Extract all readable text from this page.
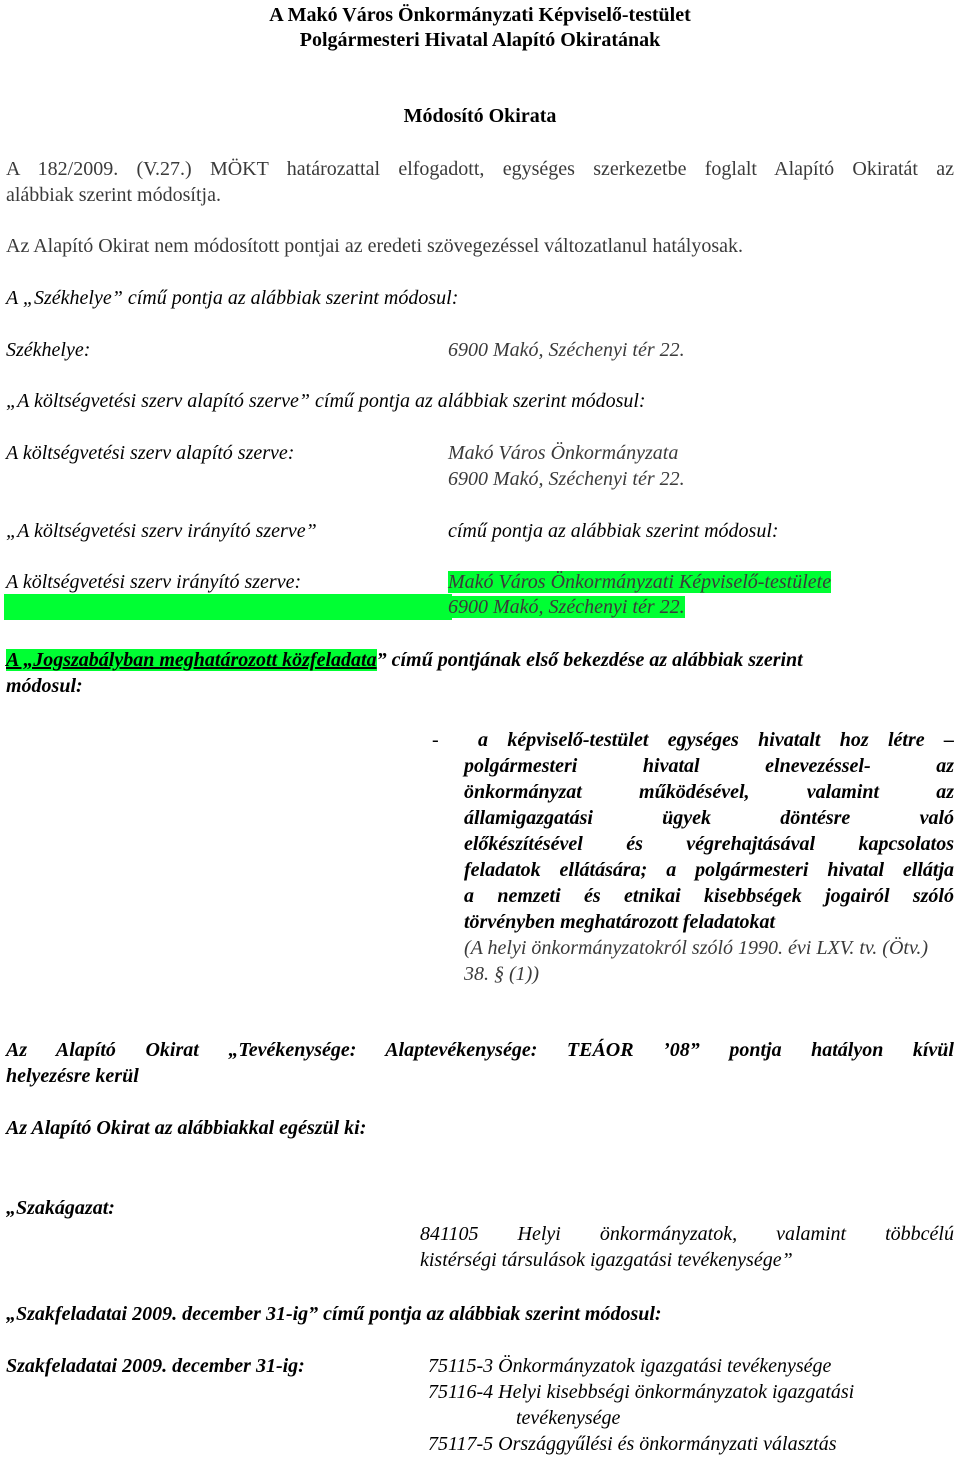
A Makó Város Önkormányzati Képviselő-testület
Polgármesteri Hivatal Alapító Okiratának
Módosító Okirata
A 182/2009. (V.27.) MÖKT határozattal elfogadott, egységes szerkezetbe foglalt Alapító Okiratát az
alábbiak szerint módosítja.
Az Alapító Okirat nem módosított pontjai az eredeti szövegezéssel változatlanul hatályosak.
A „Székhelye” című pontja az alábbiak szerint módosul:
Székhelye:	6900 Makó, Széchenyi tér 22.
„A költségvetési szerv alapító szerve” című pontja az alábbiak szerint módosul:
A költségvetési szerv alapító szerve:	Makó Város Önkormányzata
6900 Makó, Széchenyi tér 22.
„A költségvetési szerv irányító szerve”	című pontja az alábbiak szerint módosul:
A költségvetési szerv irányító szerve:	Makó Város Önkormányzati Képviselő-testülete
6900 Makó, Széchenyi tér 22.
A „Jogszabályban meghatározott közfeladata” című pontjának első bekezdése az alábbiak szerint
módosul:
- a képviselő-testület egységes hivatalt hoz létre –
polgármesteri hivatal elnevezéssel- az
önkormányzat működésével, valamint az
államigazgatási ügyek döntésre való
előkészítésével és végrehajtásával kapcsolatos
feladatok ellátására; a polgármesteri hivatal ellátja
a nemzeti és etnikai kisebbségek jogairól szóló
törvényben meghatározott feladatokat
(A helyi önkormányzatokról szóló 1990. évi LXV. tv. (Ötv.)
38. § (1))
Az Alapító Okirat „Tevékenysége: Alaptevékenysége: TEÁOR ’08” pontja hatályon kívül
helyezésre kerül
Az Alapító Okirat az alábbiakkal egészül ki:
„Szakágazat:
841105 Helyi önkormányzatok, valamint többcélú
kistérségi társulások igazgatási tevékenysége”
„Szakfeladatai 2009. december 31-ig” című pontja az alábbiak szerint módosul:
Szakfeladatai 2009. december 31-ig:	75115-3 Önkormányzatok igazgatási tevékenysége
75116-4 Helyi kisebbségi önkormányzatok igazgatási
tevékenysége
75117-5 Országgyűlési és önkormányzati választás
